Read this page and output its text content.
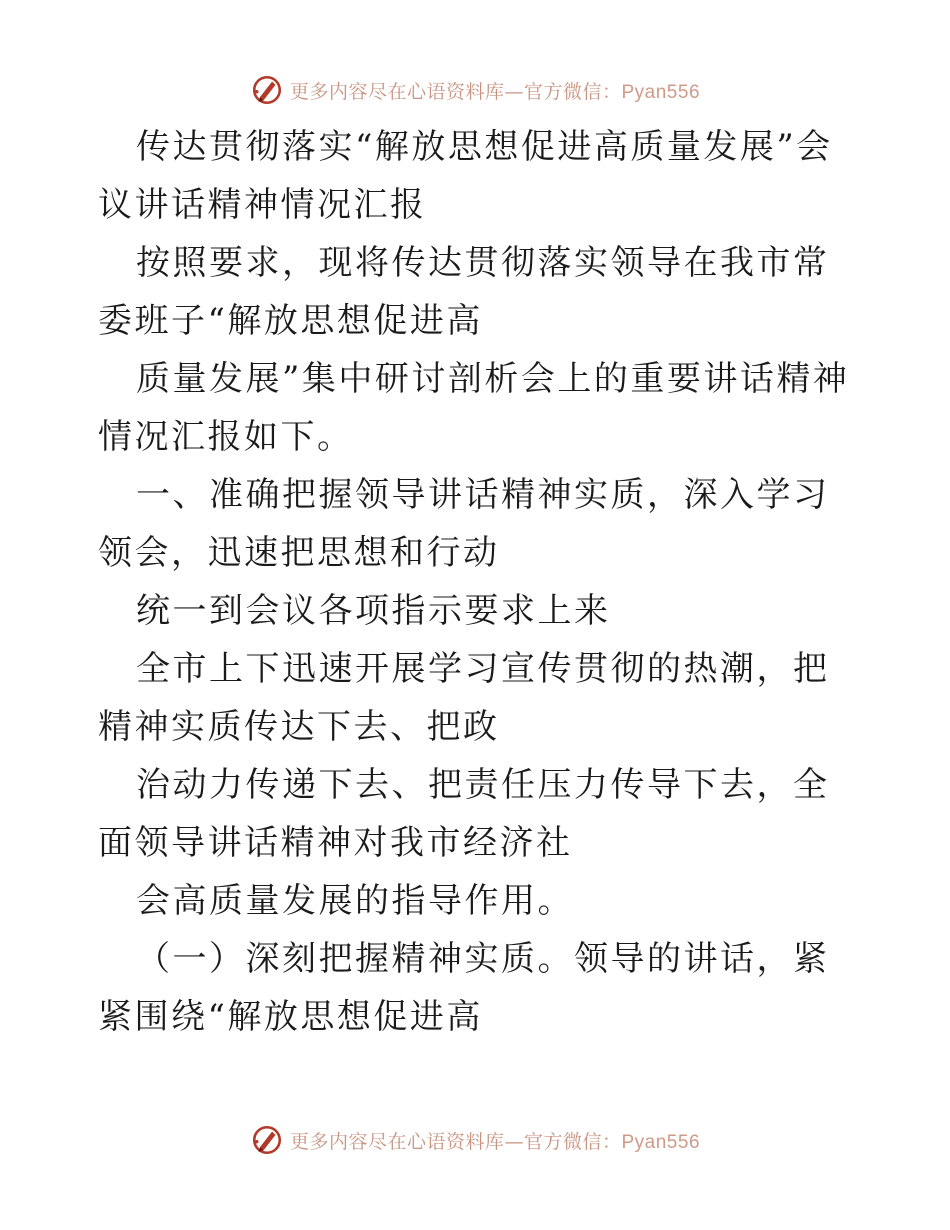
更多内容尽在心语资料库—官方微信：Pyan556

传达贯彻落实“解放思想促进高质量发展”会议讲话精神情况汇报

按照要求，现将传达贯彻落实领导在我市常委班子“解放思想促进高

质量发展”集中研讨剖析会上的重要讲话精神情况汇报如下。

一、准确把握领导讲话精神实质，深入学习领会，迅速把思想和行动

统一到会议各项指示要求上来

全市上下迅速开展学习宣传贯彻的热潮，把精神实质传达下去、把政

治动力传递下去、把责任压力传导下去，全面领导讲话精神对我市经济社

会高质量发展的指导作用。

（一）深刻把握精神实质。领导的讲话，紧紧围绕“解放思想促进高

更多内容尽在心语资料库—官方微信：Pyan556
